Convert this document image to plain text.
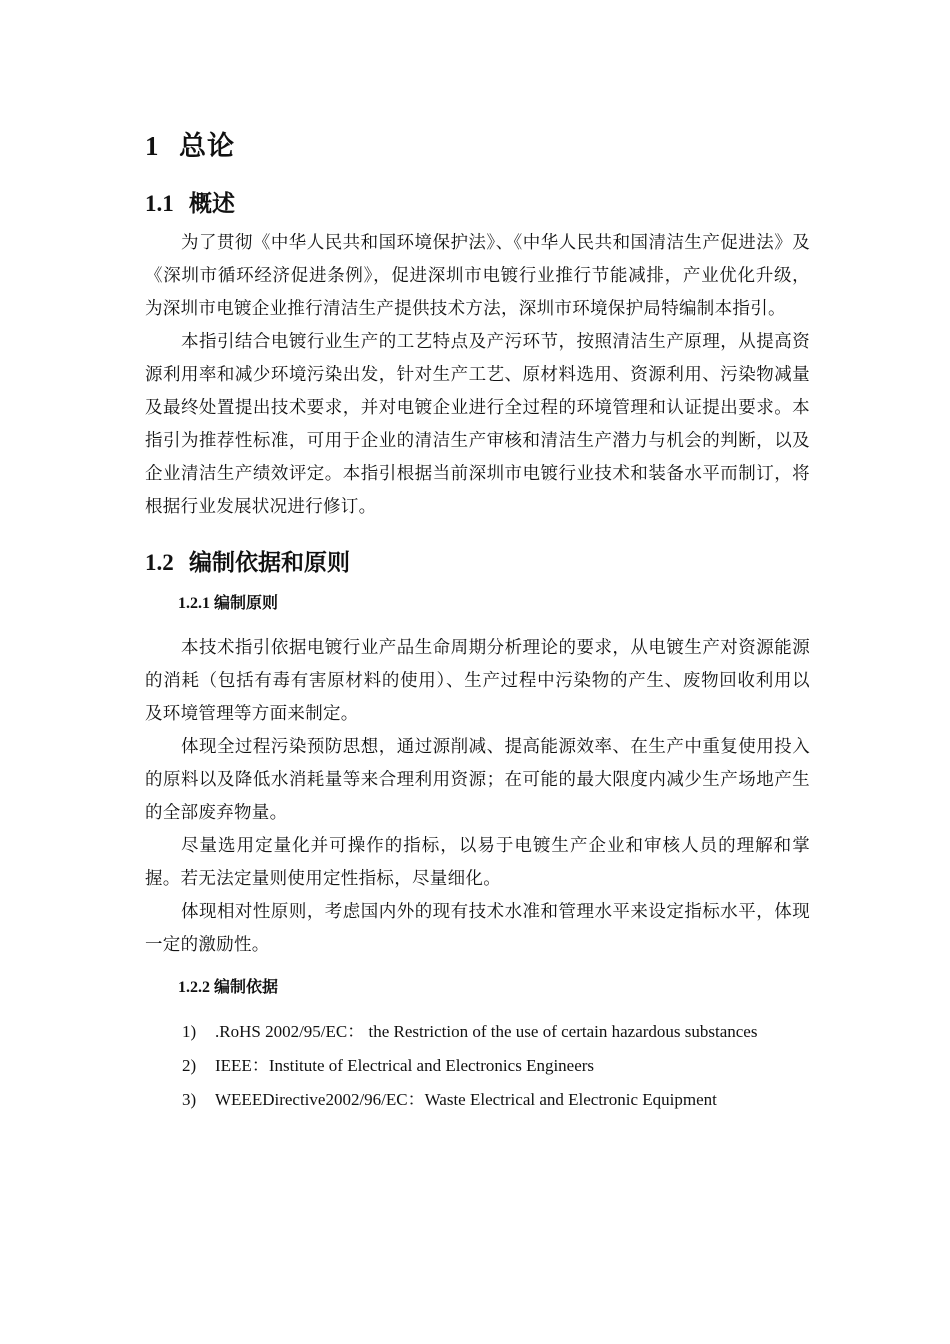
1 总论
1.1 概述

为了贯彻《中华人民共和国环境保护法》、《中华人民共和国清洁生产促进法》及《深圳市循环经济促进条例》，促进深圳市电镀行业推行节能减排，产业优化升级，为深圳市电镀企业推行清洁生产提供技术方法，深圳市环境保护局特编制本指引。

本指引结合电镀行业生产的工艺特点及产污环节，按照清洁生产原理，从提高资源利用率和减少环境污染出发，针对生产工艺、原材料选用、资源利用、污染物减量及最终处置提出技术要求，并对电镀企业进行全过程的环境管理和认证提出要求。本指引为推荐性标准，可用于企业的清洁生产审核和清洁生产潜力与机会的判断，以及企业清洁生产绩效评定。本指引根据当前深圳市电镀行业技术和装备水平而制订，将根据行业发展状况进行修订。

1.2 编制依据和原则
1.2.1 编制原则

本技术指引依据电镀行业产品生命周期分析理论的要求，从电镀生产对资源能源的消耗（包括有毒有害原材料的使用）、生产过程中污染物的产生、废物回收利用以及环境管理等方面来制定。

体现全过程污染预防思想，通过源削减、提高能源效率、在生产中重复使用投入的原料以及降低水消耗量等来合理利用资源；在可能的最大限度内减少生产场地产生的全部废弃物量。

尽量选用定量化并可操作的指标，以易于电镀生产企业和审核人员的理解和掌握。若无法定量则使用定性指标，尽量细化。

体现相对性原则，考虑国内外的现有技术水准和管理水平来设定指标水平，体现一定的激励性。

1.2.2 编制依据
1) .RoHS 2002/95/EC： the Restriction of the use of certain hazardous substances
2) IEEE：Institute of Electrical and Electronics Engineers
3) WEEEDirective2002/96/EC：Waste Electrical and Electronic Equipment
